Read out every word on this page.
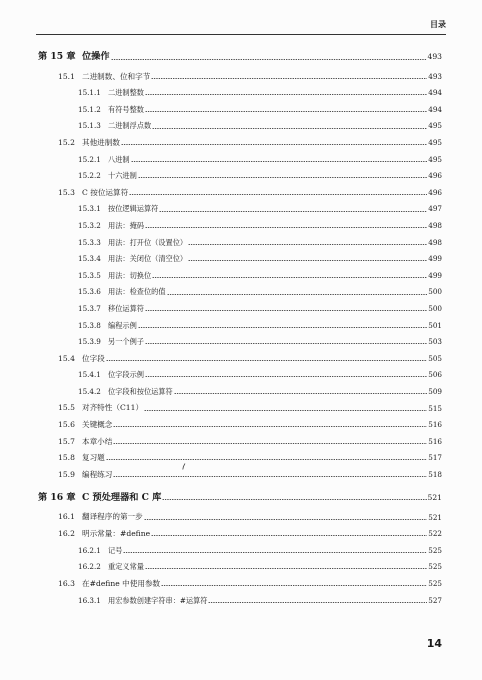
目录
第 15 章 位操作	493
15.1 二进制数、位和字节	493
15.1.1 二进制整数	494
15.1.2 有符号整数	494
15.1.3 二进制浮点数	495
15.2 其他进制数	495
15.2.1 八进制	495
15.2.2 十六进制	496
15.3 C 按位运算符	496
15.3.1 按位逻辑运算符	497
15.3.2 用法：掩码	498
15.3.3 用法：打开位（设置位）	498
15.3.4 用法：关闭位（清空位）	499
15.3.5 用法：切换位	499
15.3.6 用法：检查位的值	500
15.3.7 移位运算符	500
15.3.8 编程示例	501
15.3.9 另一个例子	503
15.4 位字段	505
15.4.1 位字段示例	506
15.4.2 位字段和按位运算符	509
15.5 对齐特性（C11）	515
15.6 关键概念	516
15.7 本章小结	516
15.8 复习题	517
15.9 编程练习	518
第 16 章 C 预处理器和 C 库	521
16.1 翻译程序的第一步	521
16.2 明示常量：#define	522
16.2.1 记号	525
16.2.2 重定义常量	525
16.3 在#define 中使用参数	525
16.3.1 用宏参数创建字符串：#运算符	527
14
